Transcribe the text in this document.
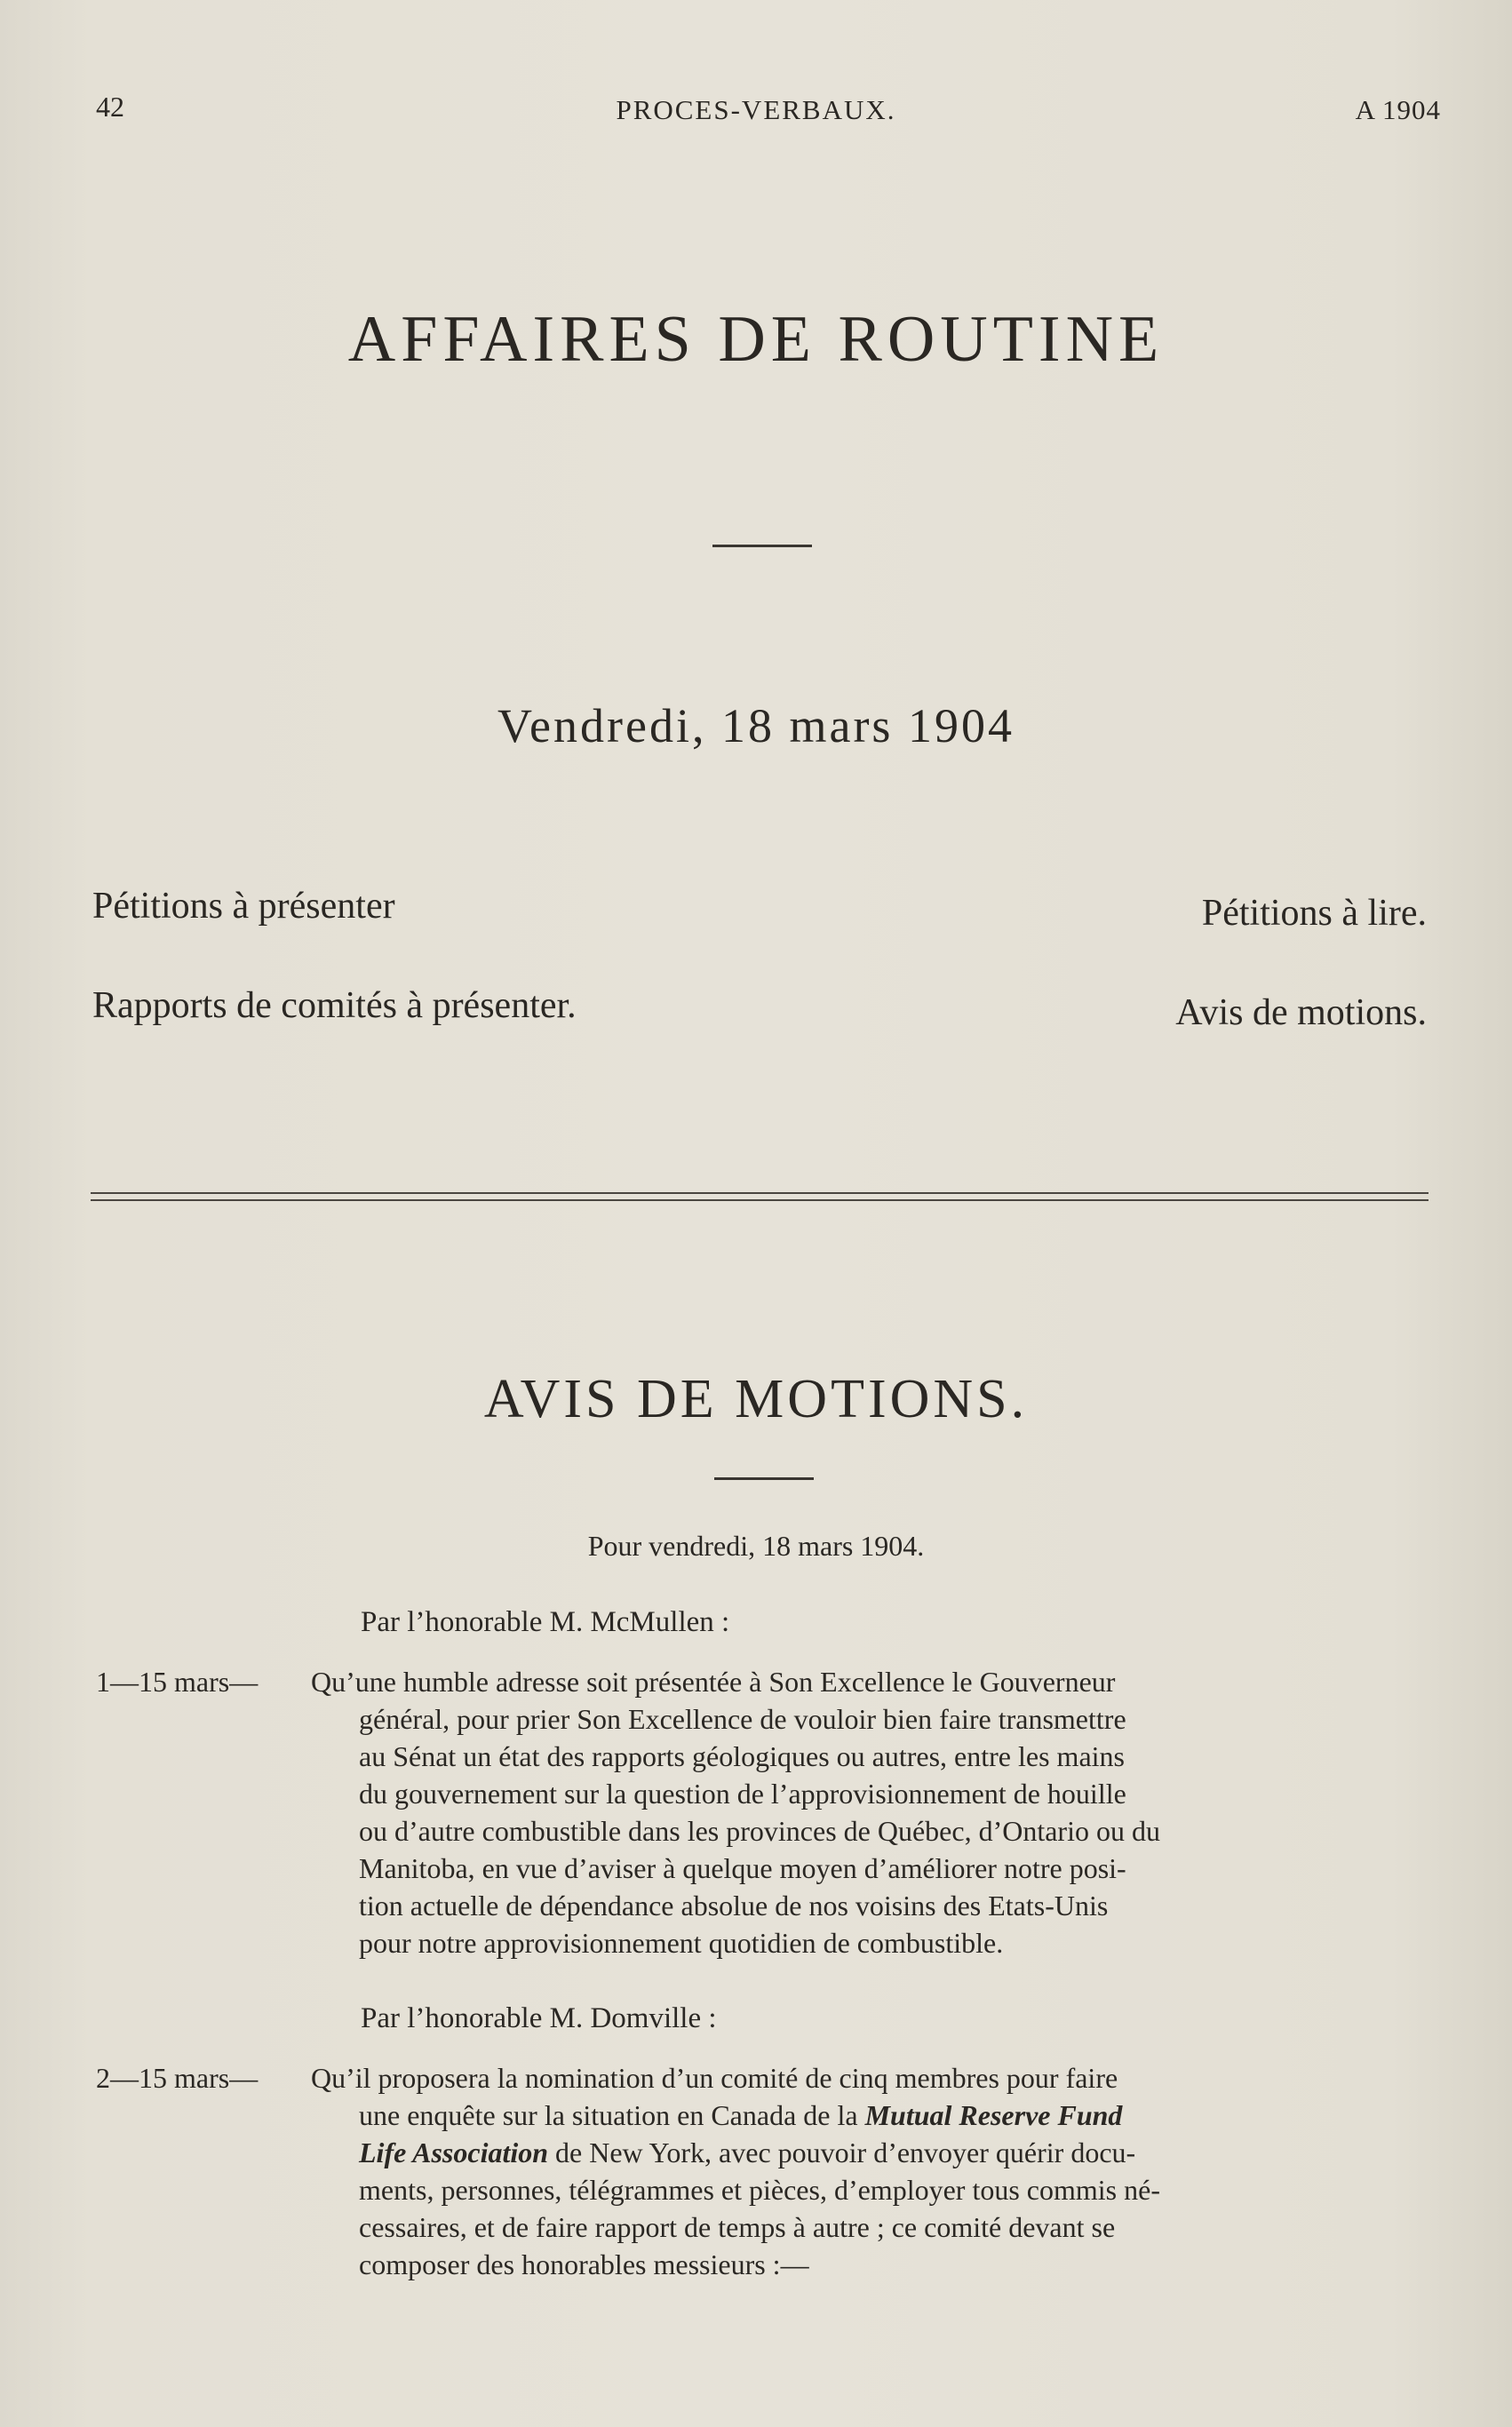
42	PROCES-VERBAUX.	A 1904
AFFAIRES DE ROUTINE
Vendredi, 18 mars 1904
Pétitions à présenter
Rapports de comités à présenter.
Pétitions à lire.
Avis de motions.
AVIS DE MOTIONS.
Pour vendredi, 18 mars 1904.
Par l’honorable M. McMullen :
1—15 mars— Qu’une humble adresse soit présentée à Son Excellence le Gouverneur
général, pour prier Son Excellence de vouloir bien faire transmettre
au Sénat un état des rapports géologiques ou autres, entre les mains
du gouvernement sur la question de l’approvisionnement de houille
ou d’autre combustible dans les provinces de Québec, d’Ontario ou du
Manitoba, en vue d’aviser à quelque moyen d’améliorer notre posi-
tion actuelle de dépendance absolue de nos voisins des Etats-Unis
pour notre approvisionnement quotidien de combustible.
Par l’honorable M. Domville :
2—15 mars— Qu’il proposera la nomination d’un comité de cinq membres pour faire
une enquête sur la situation en Canada de la Mutual Reserve Fund
Life Association de New York, avec pouvoir d’envoyer quérir docu-
ments, personnes, télégrammes et pièces, d’employer tous commis né-
cessaires, et de faire rapport de temps à autre ; ce comité devant se
composer des honorables messieurs :—
